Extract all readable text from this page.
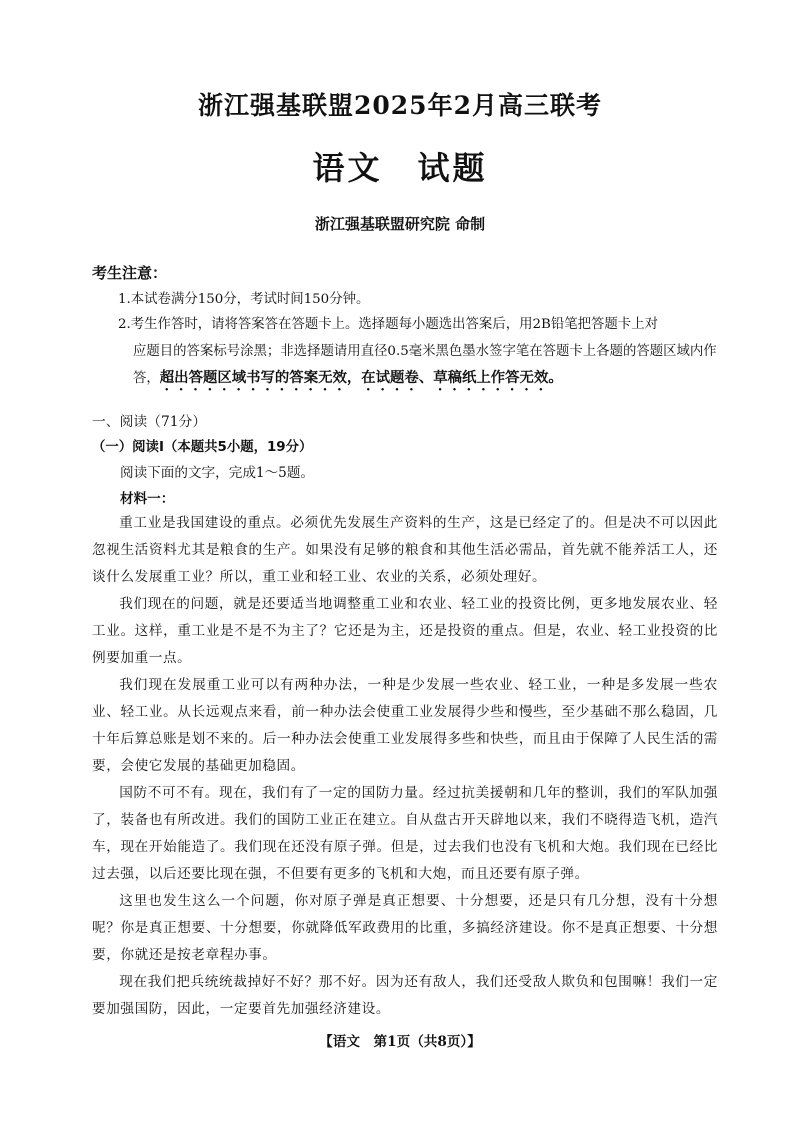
浙江强基联盟2025年2月高三联考
语文　试题
浙江强基联盟研究院 命制
考生注意：
1.本试卷满分150分，考试时间150分钟。
2.考生作答时，请将答案答在答题卡上。选择题每小题选出答案后，用2B铅笔把答题卡上对
应题目的答案标号涂黑；非选择题请用直径0.5毫米黑色墨水签字笔在答题卡上各题的答题区域内作答，超出答题区域书写的答案无效，在试题卷、草稿纸上作答无效。
一、阅读（71分）
（一）阅读Ⅰ（本题共5小题，19分）
阅读下面的文字，完成1～5题。
材料一：

重工业是我国建设的重点。必须优先发展生产资料的生产，这是已经定了的。但是决不可以因此忽视生活资料尤其是粮食的生产。如果没有足够的粮食和其他生活必需品，首先就不能养活工人，还谈什么发展重工业？所以，重工业和轻工业、农业的关系，必须处理好。

我们现在的问题，就是还要适当地调整重工业和农业、轻工业的投资比例，更多地发展农业、轻工业。这样，重工业是不是不为主了？它还是为主，还是投资的重点。但是，农业、轻工业投资的比例要加重一点。

我们现在发展重工业可以有两种办法，一种是少发展一些农业、轻工业，一种是多发展一些农业、轻工业。从长远观点来看，前一种办法会使重工业发展得少些和慢些，至少基础不那么稳固，几十年后算总账是划不来的。后一种办法会使重工业发展得多些和快些，而且由于保障了人民生活的需要，会使它发展的基础更加稳固。

国防不可不有。现在，我们有了一定的国防力量。经过抗美援朝和几年的整训，我们的军队加强了，装备也有所改进。我们的国防工业正在建立。自从盘古开天辟地以来，我们不晓得造飞机，造汽车，现在开始能造了。我们现在还没有原子弹。但是，过去我们也没有飞机和大炮。我们现在已经比过去强，以后还要比现在强，不但要有更多的飞机和大炮，而且还要有原子弹。

这里也发生这么一个问题，你对原子弹是真正想要、十分想要，还是只有几分想，没有十分想呢？你是真正想要、十分想要，你就降低军政费用的比重，多搞经济建设。你不是真正想要、十分想要，你就还是按老章程办事。

现在我们把兵统统裁掉好不好？那不好。因为还有敌人，我们还受敌人欺负和包围嘛！我们一定要加强国防，因此，一定要首先加强经济建设。

【语文　第1页（共8页）】
